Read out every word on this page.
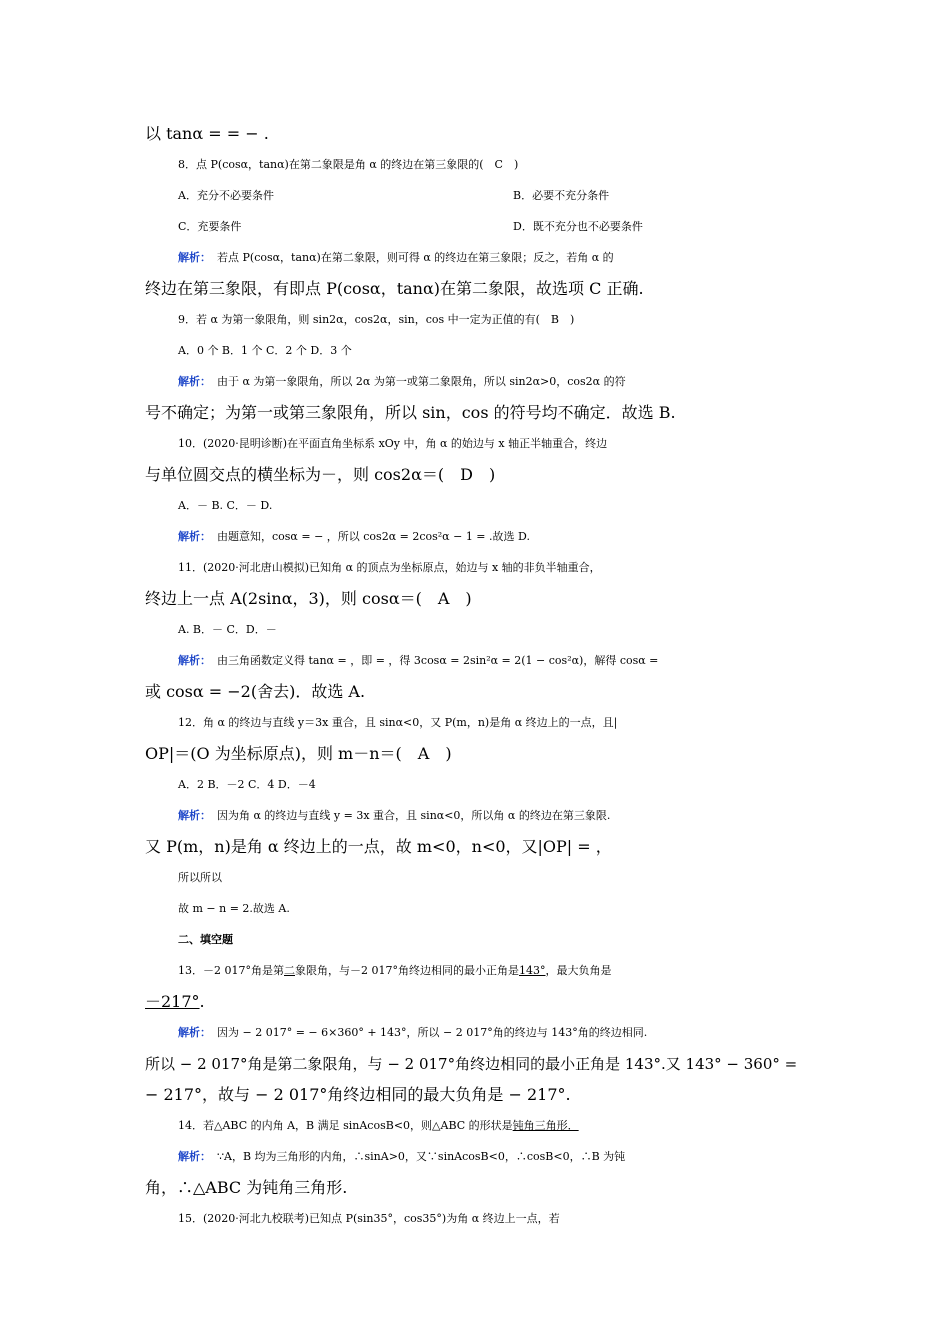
以 tanα = = − .
8．点 P(cosα，tanα)在第二象限是角 α 的终边在第三象限的(　C　)
A．充分不必要条件	B．必要不充分条件
C．充要条件	D．既不充分也不必要条件
解析： 若点 P(cosα，tanα)在第二象限，则可得 α 的终边在第三象限；反之，若角 α 的
终边在第三象限，有即点 P(cosα，tanα)在第二象限，故选项 C 正确.
9．若 α 为第一象限角，则 sin2α，cos2α，sin，cos 中一定为正值的有(　B　)
A．0 个 B．1 个 C．2 个 D．3 个
解析： 由于 α 为第一象限角，所以 2α 为第一或第二象限角，所以 sin2α>0，cos2α 的符
号不确定；为第一或第三象限角，所以 sin，cos 的符号均不确定．故选 B.
10．(2020·昆明诊断)在平面直角坐标系 xOy 中，角 α 的始边与 x 轴正半轴重合，终边
与单位圆交点的横坐标为－，则 cos2α＝(　D　)
A．－ B. C．－ D.
解析： 由题意知，cosα = − ，所以 cos2α = 2cos²α − 1 = .故选 D.
11．(2020·河北唐山模拟)已知角 α 的顶点为坐标原点，始边与 x 轴的非负半轴重合，
终边上一点 A(2sinα，3)，则 cosα＝(　A　)
A. B．－ C．D．－
解析： 由三角函数定义得 tanα = ，即 = ，得 3cosα = 2sin²α = 2(1 − cos²α)，解得 cosα =
或 cosα = −2(舍去)．故选 A.
12．角 α 的终边与直线 y＝3x 重合，且 sinα<0，又 P(m，n)是角 α 终边上的一点，且|
OP|＝(O 为坐标原点)，则 m－n＝(　A　)
A．2 B．－2 C．4 D．－4
解析： 因为角 α 的终边与直线 y = 3x 重合，且 sinα<0，所以角 α 的终边在第三象限.
又 P(m，n)是角 α 终边上的一点，故 m<0，n<0，又|OP| = ，
所以所以
故 m − n = 2.故选 A.
二、填空题
13．－2 017°角是第二象限角，与－2 017°角终边相同的最小正角是143°，最大负角是
－217°.
解析： 因为 − 2 017° = − 6×360° + 143°，所以 − 2 017°角的终边与 143°角的终边相同.
所以 − 2 017°角是第二象限角，与 − 2 017°角终边相同的最小正角是 143°.又 143° − 360° =
− 217°，故与 − 2 017°角终边相同的最大负角是 − 217°.
14．若△ABC 的内角 A，B 满足 sinAcosB<0，则△ABC 的形状是钝角三角形．
解析： ∵A，B 均为三角形的内角，∴sinA>0，又∵sinAcosB<0，∴cosB<0，∴B 为钝
角，∴△ABC 为钝角三角形.
15．(2020·河北九校联考)已知点 P(sin35°，cos35°)为角 α 终边上一点，若
